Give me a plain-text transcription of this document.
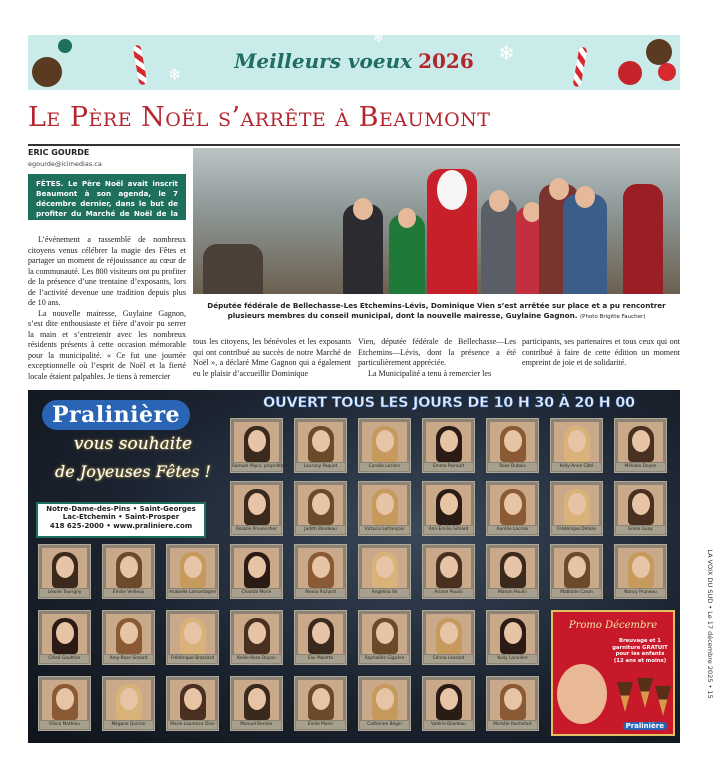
❄
❄
❄
Meilleurs voeux 2026
Le Père Noël s’arrête à Beaumont
ERIC GOURDE
egourde@icimedias.ca
FÊTES. Le Père Noël avait inscrit Beaumont à son agenda, le 7 décembre dernier, dans le but de profiter du Marché de Noël de la localité.

L’événement a rassemblé de nombreux citoyens venus célébrer la magie des Fêtes et partager un moment de réjouissance au cœur de la communauté. Les 800 visiteurs ont pu profiter de la présence d’une trentaine d’exposants, lors de l’activité devenue une tradition depuis plus de 10 ans.

La nouvelle mairesse, Guylaine Gagnon, s’est dite enthousiaste et fière d’avoir pu serrer la main et s’entretenir avec les nombreux résidents présents à cette occasion mémorable pour la municipalité. « Ce fut une journée exceptionnelle où l’esprit de Noël et la fierté locale étaient palpables. Je tiens à remercier

tous les citoyens, les bénévoles et les exposants qui ont contribué au succès de notre Marché de Noël », a déclaré Mme Gagnon qui a également eu le plaisir d’accueillir Dominique

Vien, députée fédérale de Bellechasse—Les Etchemins—Lévis, dont la présence a été particulièrement appréciée.

La Municipalité a tenu à remercier les

participants, ses partenaires et tous ceux qui ont contribué à faire de cette édition un moment empreint de joie et de solidarité.

Députée fédérale de Bellechasse-Les Etchemins-Lévis, Dominique Vien s’est arrêtée sur place et a pu rencontrer plusieurs membres du conseil municipal, dont la nouvelle mairesse, Guylaine Gagnon. (Photo Brigitte Faucher)
OUVERT TOUS LES JOURS DE 10 H 30 À 20 H 00
Pralinière
vous souhaite
de Joyeuses Fêtes !
Notre-Dame-des-Pins • Saint-Georges
Lac-Etchemin • Saint-Prosper
418 625-2000 • www.praliniere.com
Samuel Pépin, propriétaire	Laurany Paquet	Coralie Leclerc	Emma Poirault	Rose Dubois	Kelly-Anne Côté	Mélodie Doyon
Rosalie Provencher	Judith Bilodeau	Victoria Lefrançois	Ann-Emilie Simard	Aurélie Lacroix	Frédérique Delisle	Emile Guay
Léonie Tourigny	Émilie Veilleux	Anabelle Lamontagne	Chantal Morin	Alexia Richard	Angelina Vo	Ariane Poulin	Manon Poulin	Mathilde Caron	Nancy Pruneau
Chloé Gauthier	Amy-Rose Simard	Frédérique Brassard	Kellie-Rose Doyon	Eloi Malette	Raphaëlle Giguère	Cérina Lessard	Kelly Larivière
Olivia Mathieu	Mégane Quirion	Marie-Laurence Dion	Manuel Bernier	Émile Morin	Catherine Bégin	Valérie Bilodeau	Michèle Rochefort
Promo Décembre
Breuvage et 1 garniture GRATUIT pour les enfants (12 ans et moins)
Pralinière
LA VOIX DU SUD • Le 17 décembre 2025 • 15
